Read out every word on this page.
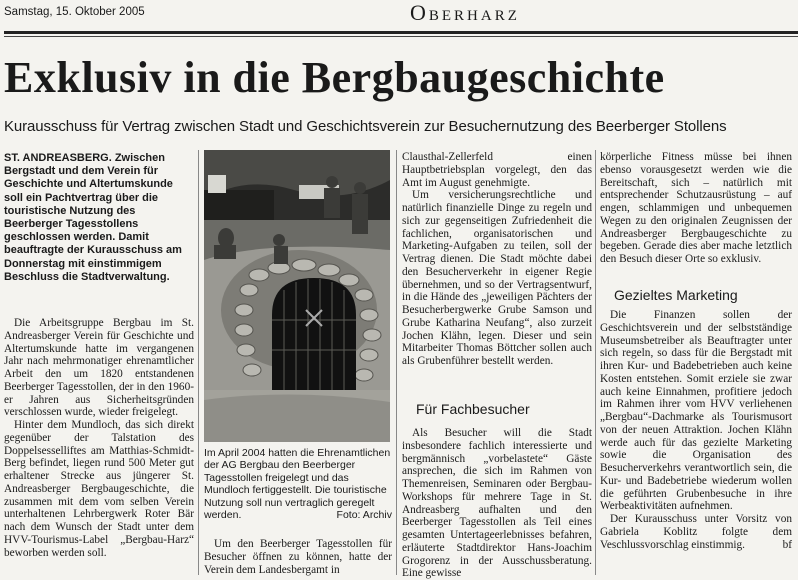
Samstag, 15. Oktober 2005	Oberharz
Exklusiv in die Bergbaugeschichte
Kurausschuss für Vertrag zwischen Stadt und Geschichtsverein zur Besuchernutzung des Beerberger Stollens
ST. ANDREASBERG. Zwischen Bergstadt und dem Verein für Geschichte und Altertumskunde soll ein Pachtvertrag über die touristische Nutzung des Beerberger Tagesstollens geschlossen werden. Damit beauftragte der Kurausschuss am Donnerstag mit einstimmigem Beschluss die Stadtverwaltung.

Die Arbeitsgruppe Bergbau im St. Andreasberger Verein für Geschichte und Altertumskunde hatte im vergangenen Jahr nach mehrmonatiger ehrenamtlicher Arbeit den um 1820 entstandenen Beerberger Tagesstollen, der in den 1960-er Jahren aus Sicherheitsgründen verschlossen wurde, wieder freigelegt.

Hinter dem Mundloch, das sich direkt gegenüber der Talstation des Doppelsesselliftes am Matthias-Schmidt-Berg befindet, liegen rund 500 Meter gut erhaltener Strecke aus jüngerer St. Andreasberger Bergbaugeschichte, die zusammen mit dem vom selben Verein unterhaltenen Lehrbergwerk Roter Bär nach dem Wunsch der Stadt unter dem HVV-Tourismus-Label „Bergbau-Harz“ beworben werden soll.

Im April 2004 hatten die Ehrenamtlichen der AG Bergbau den Beerberger Tagesstollen freigelegt und das Mundloch fertiggestellt. Die touristische Nutzung soll nun vertraglich geregelt werden.	Foto: Archiv

Um den Beerberger Tagesstollen für Besucher öffnen zu können, hatte der Verein dem Landesbergamt in

Clausthal-Zellerfeld einen Hauptbetriebsplan vorgelegt, den das Amt im August genehmigte.

Um versicherungsrechtliche und natürlich finanzielle Dinge zu regeln und sich zur gegenseitigen Zufriedenheit die fachlichen, organisatorischen und Marketing-Aufgaben zu teilen, soll der Vertrag dienen. Die Stadt möchte dabei den Besucherverkehr in eigener Regie übernehmen, und so der Vertragsentwurf, in die Hände des „jeweiligen Pächters der Besucherbergwerke Grube Samson und Grube Katharina Neufang“, also zurzeit Jochen Klähn, legen. Dieser und sein Mitarbeiter Thomas Böttcher sollen auch als Grubenführer bestellt werden.

Für Fachbesucher

Als Besucher will die Stadt insbesondere fachlich interessierte und bergmännisch „vorbelastete“ Gäste ansprechen, die sich im Rahmen von Themenreisen, Seminaren oder Bergbau-Workshops für mehrere Tage in St. Andreasberg aufhalten und den Beerberger Tagesstollen als Teil eines gesamten Untertageerlebnisses befahren, erläuterte Stadtdirektor Hans-Joachim Grogorenz in der Ausschussberatung. Eine gewisse

körperliche Fitness müsse bei ihnen ebenso vorausgesetzt werden wie die Bereitschaft, sich – natürlich mit entsprechender Schutzausrüstung – auf engen, schlammigen und unbequemen Wegen zu den originalen Zeugnissen der Andreasberger Bergbaugeschichte zu begeben. Gerade dies aber mache letztlich den Besuch dieser Orte so exklusiv.

Gezieltes Marketing

Die Finanzen sollen der Geschichtsverein und der selbstständige Museumsbetreiber als Beauftragter unter sich regeln, so dass für die Bergstadt mit ihren Kur- und Badebetrieben auch keine Kosten entstehen. Somit erziele sie zwar auch keine Einnahmen, profitiere jedoch im Rahmen ihrer vom HVV verliehenen „Bergbau“-Dachmarke als Tourismusort von der neuen Attraktion. Jochen Klähn werde auch für das gezielte Marketing sowie die Organisation des Besucherverkehrs verantwortlich sein, die Kur- und Badebetriebe wiederum wollen die geführten Grubenbesuche in ihre Werbeaktivitäten aufnehmen.

Der Kurausschuss unter Vorsitz von Gabriela Koblitz folgte dem Veschlussvorschlag einstimmig.	bf
